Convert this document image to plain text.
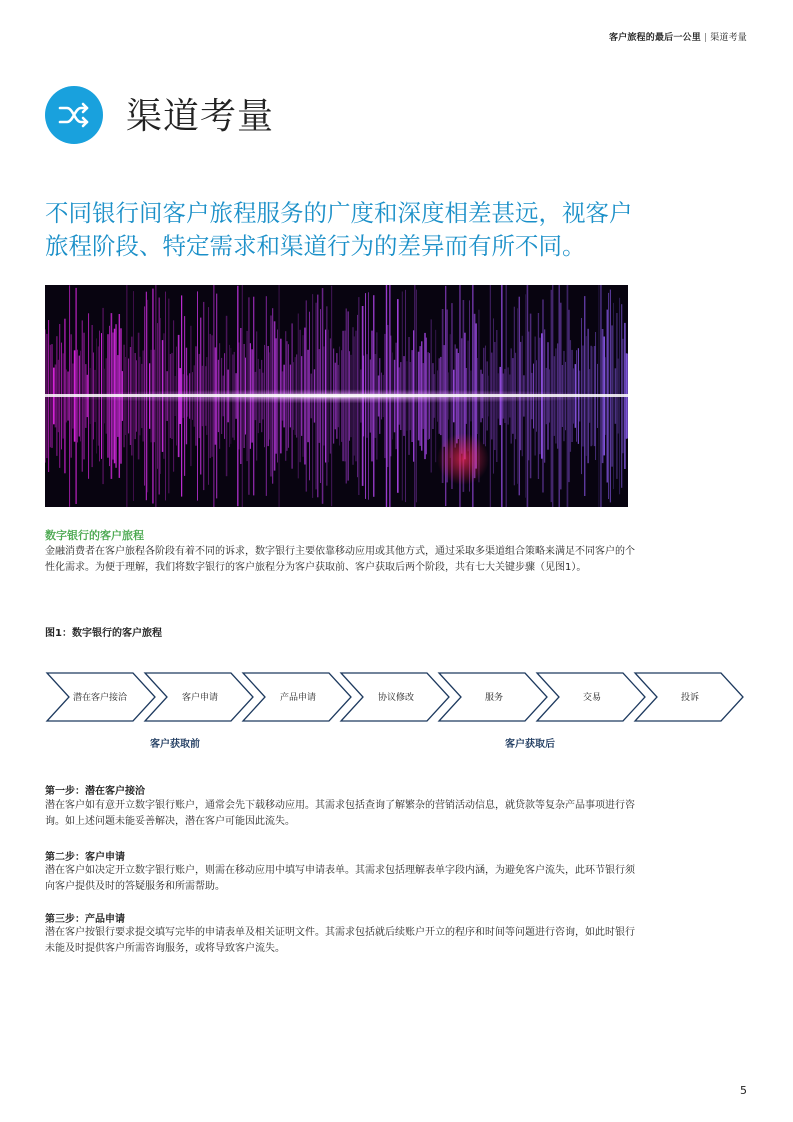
客户旅程的最后一公里 | 渠道考量
渠道考量

不同银行间客户旅程服务的广度和深度相差甚远，视客户旅程阶段、特定需求和渠道行为的差异而有所不同。

数字银行的客户旅程

金融消费者在客户旅程各阶段有着不同的诉求，数字银行主要依靠移动应用或其他方式，通过采取多渠道组合策略来满足不同客户的个性化需求。为便于理解，我们将数字银行的客户旅程分为客户获取前、客户获取后两个阶段，共有七大关键步骤（见图1）。

图1：数字银行的客户旅程
潜在客户接洽	客户申请	产品申请	协议修改	服务	交易	投诉
客户获取前	客户获取后
第一步：潜在客户接洽

潜在客户如有意开立数字银行账户，通常会先下载移动应用。其需求包括查询了解繁杂的营销活动信息，就贷款等复杂产品事项进行咨询。如上述问题未能妥善解决，潜在客户可能因此流失。

第二步：客户申请

潜在客户如决定开立数字银行账户，则需在移动应用中填写申请表单。其需求包括理解表单字段内涵，为避免客户流失，此环节银行须向客户提供及时的答疑服务和所需帮助。

第三步：产品申请

潜在客户按银行要求提交填写完毕的申请表单及相关证明文件。其需求包括就后续账户开立的程序和时间等问题进行咨询，如此时银行未能及时提供客户所需咨询服务，或将导致客户流失。

5
